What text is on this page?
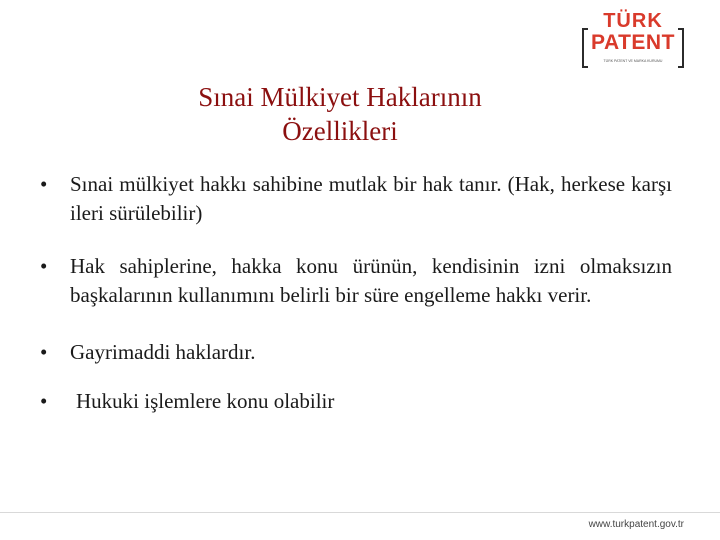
TÜRK
PATENT
TÜRK PATENT VE MARKA KURUMU
Sınai Mülkiyet Haklarının
Özellikleri
• Sınai mülkiyet hakkı sahibine mutlak bir hak tanır. (Hak, herkese karşı ileri sürülebilir)
• Hak sahiplerine, hakka konu ürünün, kendisinin izni olmaksızın başkalarının kullanımını belirli bir süre engelleme hakkı verir.
• Gayrimaddi haklardır.
• Hukuki işlemlere konu olabilir
www.turkpatent.gov.tr
